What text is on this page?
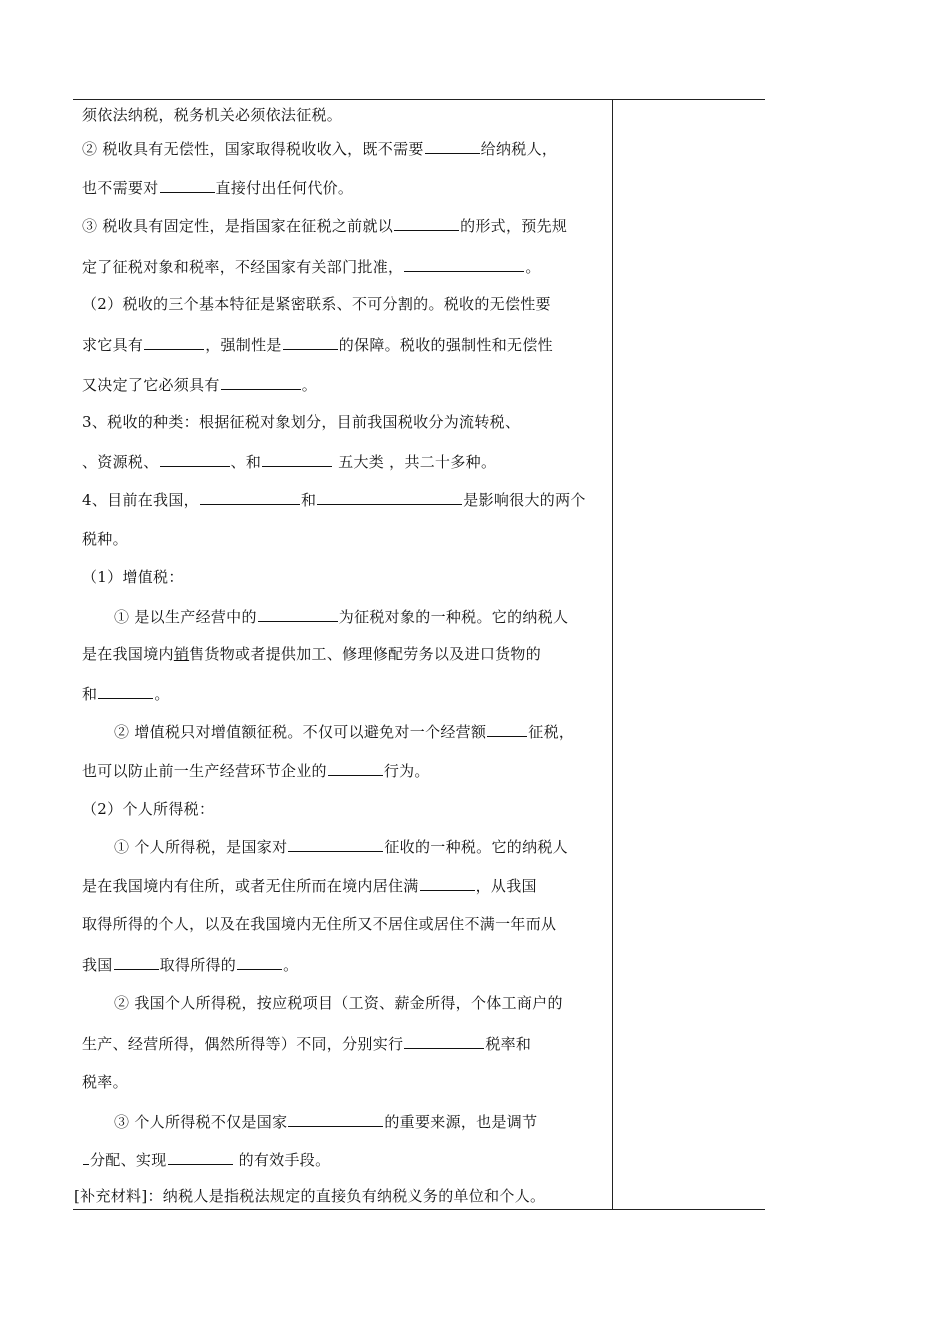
须依法纳税，税务机关必须依法征税。
② 税收具有无偿性，国家取得税收收入，既不需要	给纳税人，
也不需要对	直接付出任何代价。
③ 税收具有固定性，是指国家在征税之前就以	的形式，预先规
定了征税对象和税率，不经国家有关部门批准，	。
（2）税收的三个基本特征是紧密联系、不可分割的。税收的无偿性要
求它具有	，强制性是	的保障。税收的强制性和无偿性
又决定了它必须具有	。
3、税收的种类：根据征税对象划分，目前我国税收分为流转税、
、资源税、	、和	五大类 ，共二十多种。
4、目前在我国，	和	是影响很大的两个
税种。
（1）增值税：
① 是以生产经营中的	为征税对象的一种税。它的纳税人
是在我国境内销售货物或者提供加工、修理修配劳务以及进口货物的
和	。
② 增值税只对增值额征税。不仅可以避免对一个经营额	征税，
也可以防止前一生产经营环节企业的	行为。
（2）个人所得税：
① 个人所得税，是国家对	征收的一种税。它的纳税人
是在我国境内有住所，或者无住所而在境内居住满	，从我国
取得所得的个人，以及在我国境内无住所又不居住或居住不满一年而从
我国	取得所得的	。
② 我国个人所得税，按应税项目（工资、薪金所得，个体工商户的
生产、经营所得，偶然所得等）不同，分别实行	税率和
税率。
③ 个人所得税不仅是国家	的重要来源，也是调节
分配、实现	的有效手段。
[补充材料]：纳税人是指税法规定的直接负有纳税义务的单位和个人。
